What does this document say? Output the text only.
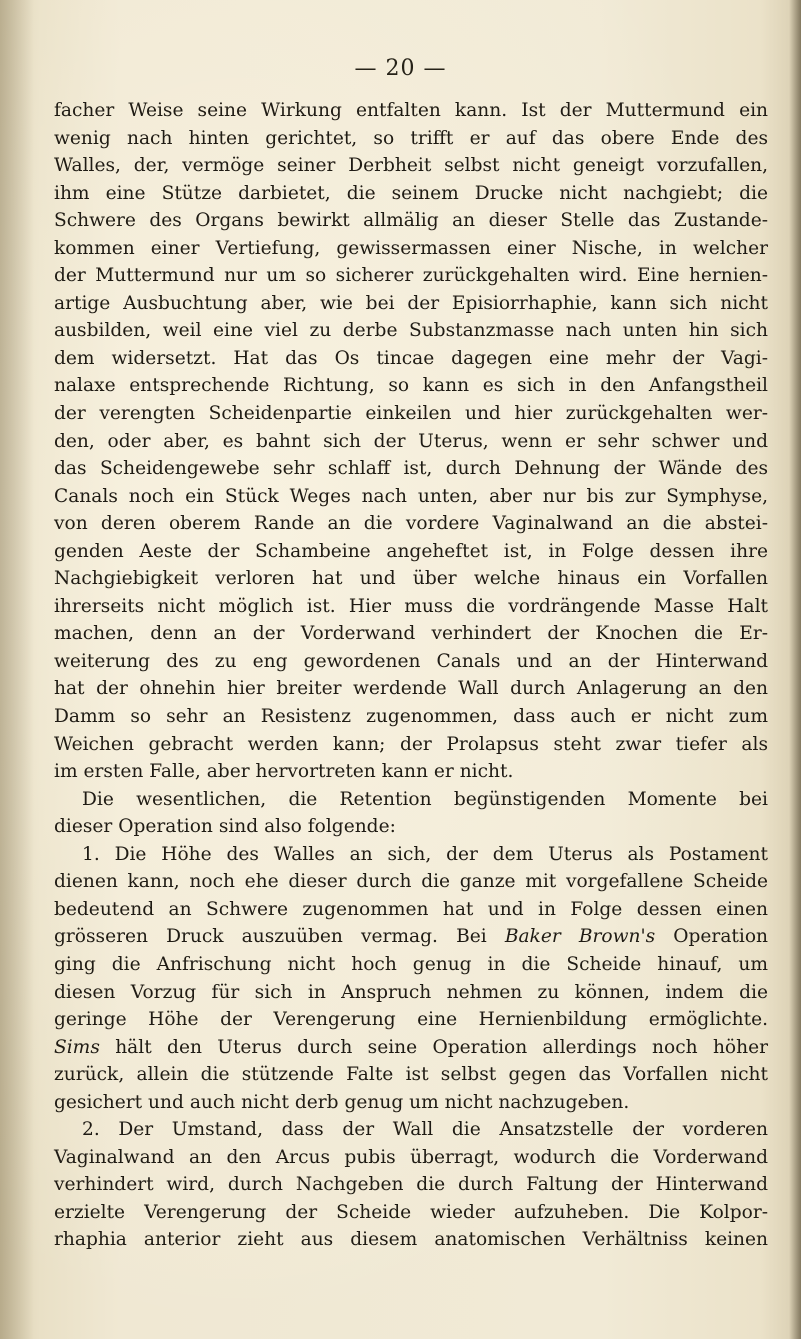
— 20 —
facher Weise seine Wirkung entfalten kann. Ist der Muttermund ein
wenig nach hinten gerichtet, so trifft er auf das obere Ende des
Walles, der, vermöge seiner Derbheit selbst nicht geneigt vorzufallen,
ihm eine Stütze darbietet, die seinem Drucke nicht nachgiebt; die
Schwere des Organs bewirkt allmälig an dieser Stelle das Zustande-
kommen einer Vertiefung, gewissermassen einer Nische, in welcher
der Muttermund nur um so sicherer zurückgehalten wird. Eine hernien-
artige Ausbuchtung aber, wie bei der Episiorrhaphie, kann sich nicht
ausbilden, weil eine viel zu derbe Substanzmasse nach unten hin sich
dem widersetzt. Hat das Os tincae dagegen eine mehr der Vagi-
nalaxe entsprechende Richtung, so kann es sich in den Anfangstheil
der verengten Scheidenpartie einkeilen und hier zurückgehalten wer-
den, oder aber, es bahnt sich der Uterus, wenn er sehr schwer und
das Scheidengewebe sehr schlaff ist, durch Dehnung der Wände des
Canals noch ein Stück Weges nach unten, aber nur bis zur Symphyse,
von deren oberem Rande an die vordere Vaginalwand an die abstei-
genden Aeste der Schambeine angeheftet ist, in Folge dessen ihre
Nachgiebigkeit verloren hat und über welche hinaus ein Vorfallen
ihrerseits nicht möglich ist. Hier muss die vordrängende Masse Halt
machen, denn an der Vorderwand verhindert der Knochen die Er-
weiterung des zu eng gewordenen Canals und an der Hinterwand
hat der ohnehin hier breiter werdende Wall durch Anlagerung an den
Damm so sehr an Resistenz zugenommen, dass auch er nicht zum
Weichen gebracht werden kann; der Prolapsus steht zwar tiefer als
im ersten Falle, aber hervortreten kann er nicht.
Die wesentlichen, die Retention begünstigenden Momente bei
dieser Operation sind also folgende:
1. Die Höhe des Walles an sich, der dem Uterus als Postament
dienen kann, noch ehe dieser durch die ganze mit vorgefallene Scheide
bedeutend an Schwere zugenommen hat und in Folge dessen einen
grösseren Druck auszuüben vermag. Bei Baker Brown's Operation
ging die Anfrischung nicht hoch genug in die Scheide hinauf, um
diesen Vorzug für sich in Anspruch nehmen zu können, indem die
geringe Höhe der Verengerung eine Hernienbildung ermöglichte.
Sims hält den Uterus durch seine Operation allerdings noch höher
zurück, allein die stützende Falte ist selbst gegen das Vorfallen nicht
gesichert und auch nicht derb genug um nicht nachzugeben.
2. Der Umstand, dass der Wall die Ansatzstelle der vorderen
Vaginalwand an den Arcus pubis überragt, wodurch die Vorderwand
verhindert wird, durch Nachgeben die durch Faltung der Hinterwand
erzielte Verengerung der Scheide wieder aufzuheben. Die Kolpor-
rhaphia anterior zieht aus diesem anatomischen Verhältniss keinen
